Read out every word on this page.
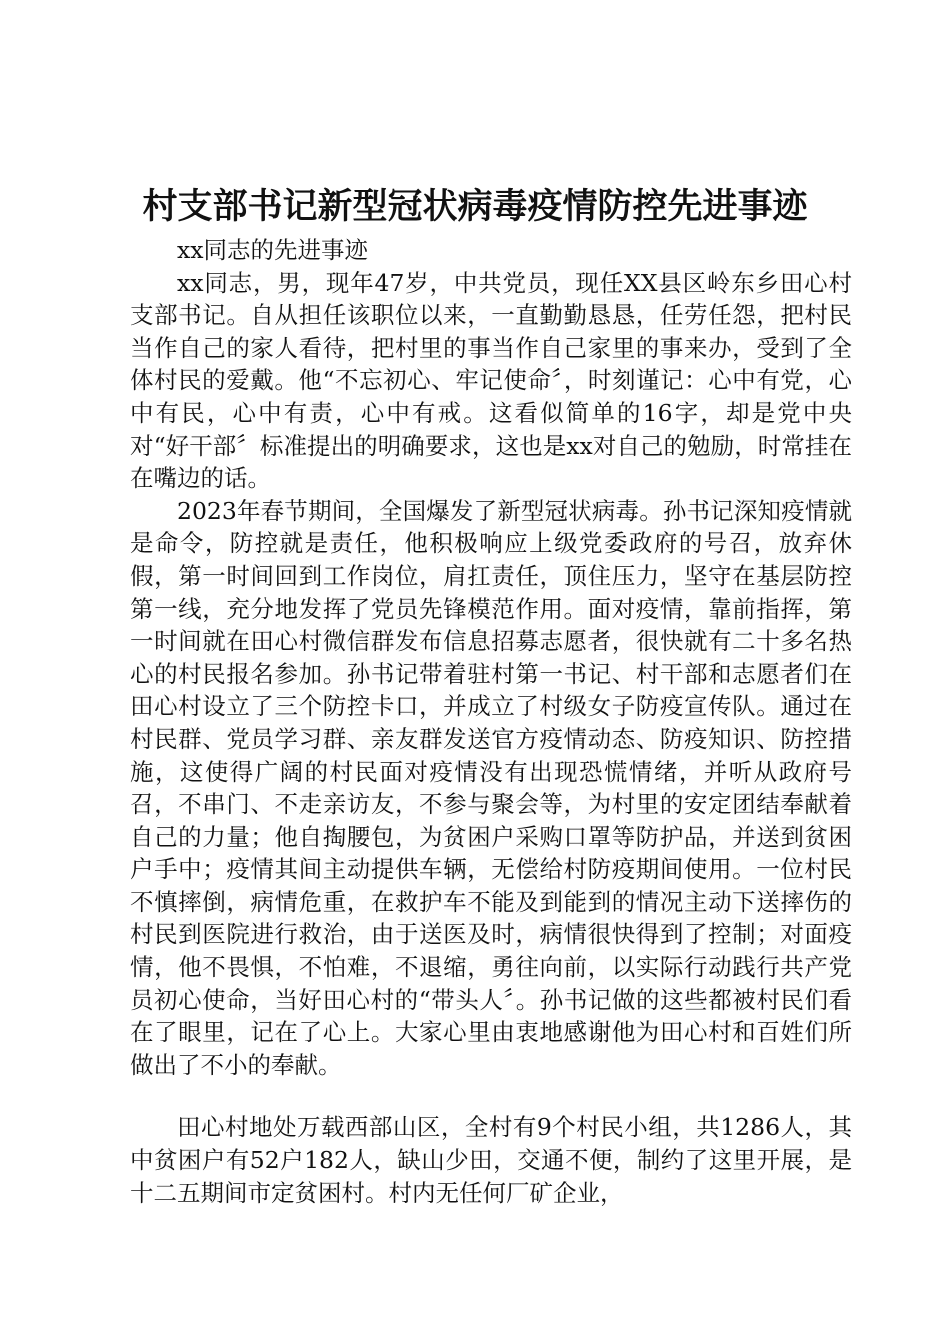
村支部书记新型冠状病毒疫情防控先进事迹

xx同志的先进事迹

xx同志，男，现年47岁，中共党员，现任XX县区岭东乡田心村支部书记。自从担任该职位以来，一直勤勤恳恳，任劳任怨，把村民当作自己的家人看待，把村里的事当作自己家里的事来办，受到了全体村民的爱戴。他“不忘初心、牢记使命〞，时刻谨记：心中有党，心中有民，心中有责，心中有戒。这看似简单的16字，却是党中央对“好干部〞标准提出的明确要求，这也是xx对自己的勉励，时常挂在在嘴边的话。

2023年春节期间，全国爆发了新型冠状病毒。孙书记深知疫情就是命令，防控就是责任，他积极响应上级党委政府的号召，放弃休假，第一时间回到工作岗位，肩扛责任，顶住压力，坚守在基层防控第一线，充分地发挥了党员先锋模范作用。面对疫情，靠前指挥，第一时间就在田心村微信群发布信息招募志愿者，很快就有二十多名热心的村民报名参加。孙书记带着驻村第一书记、村干部和志愿者们在田心村设立了三个防控卡口，并成立了村级女子防疫宣传队。通过在村民群、党员学习群、亲友群发送官方疫情动态、防疫知识、防控措施，这使得广阔的村民面对疫情没有出现恐慌情绪，并听从政府号召，不串门、不走亲访友，不参与聚会等，为村里的安定团结奉献着自己的力量；他自掏腰包，为贫困户采购口罩等防护品，并送到贫困户手中；疫情其间主动提供车辆，无偿给村防疫期间使用。一位村民不慎摔倒，病情危重，在救护车不能及到能到的情况主动下送摔伤的村民到医院进行救治，由于送医及时，病情很快得到了控制；对面疫情，他不畏惧，不怕难，不退缩，勇往向前，以实际行动践行共产党员初心使命，当好田心村的“带头人〞。孙书记做的这些都被村民们看在了眼里，记在了心上。大家心里由衷地感谢他为田心村和百姓们所做出了不小的奉献。

田心村地处万载西部山区，全村有9个村民小组，共1286人，其中贫困户有52户182人，缺山少田，交通不便，制约了这里开展，是十二五期间市定贫困村。村内无任何厂矿企业，
